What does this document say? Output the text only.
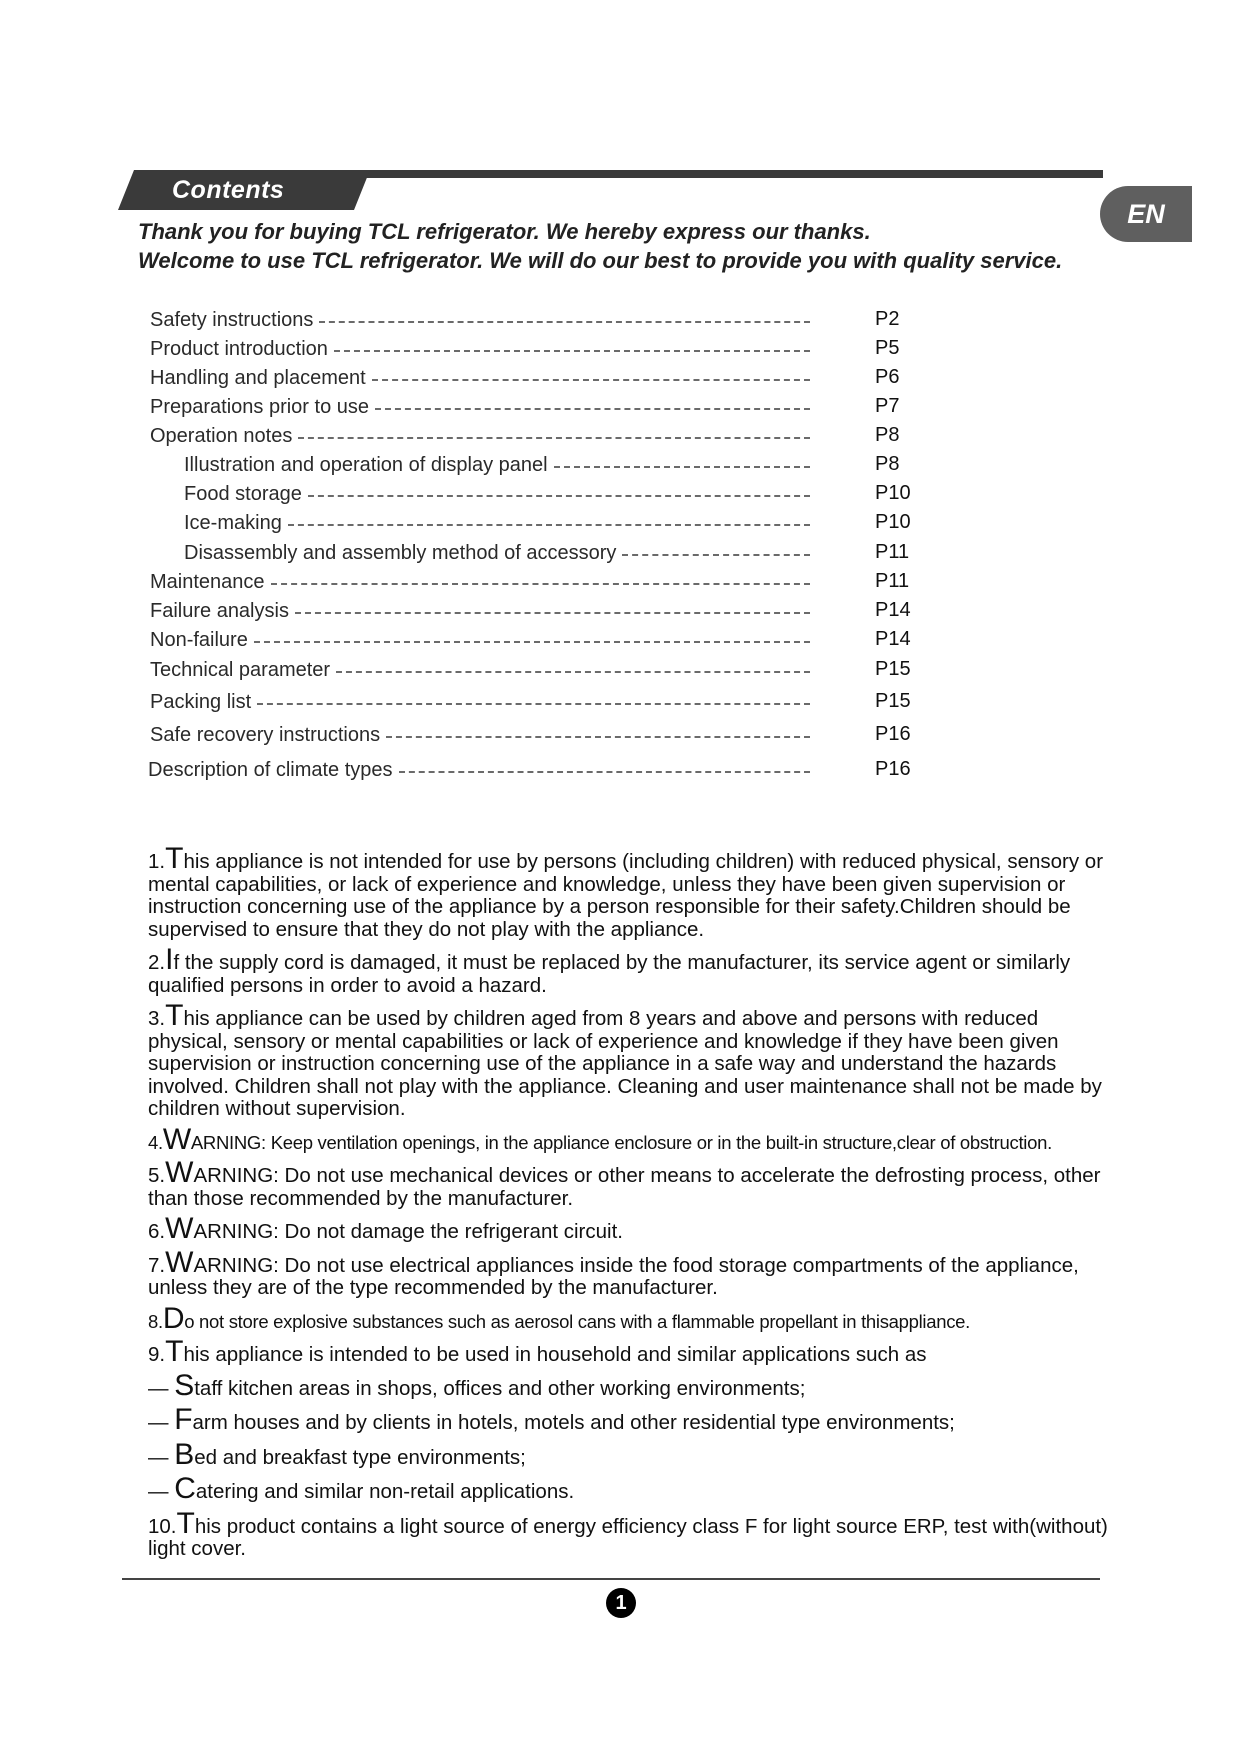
Contents
EN
Thank you for buying TCL refrigerator. We hereby express our thanks.
Welcome to use TCL refrigerator. We will do our best to provide you with quality service.
Safety instructions	P2
Product introduction	P5
Handling and placement	P6
Preparations prior to use	P7
Operation notes	P8
Illustration and operation of display panel	P8
Food storage	P10
Ice-making	P10
Disassembly and assembly method of accessory	P11
Maintenance	P11
Failure analysis	P14
Non-failure	P14
Technical parameter	P15
Packing list	P15
Safe recovery instructions	P16
Description of climate types	P16
1.This appliance is not intended for use by persons (including children) with reduced physical, sensory or mental capabilities, or lack of experience and knowledge, unless they have been given supervision or instruction concerning use of the appliance by a person responsible for their safety.Children should be supervised to ensure that they do not play with the appliance.
2.If the supply cord is damaged, it must be replaced by the manufacturer, its service agent or similarly qualified persons in order to avoid a hazard.
3.This appliance can be used by children aged from 8 years and above and persons with reduced physical, sensory or mental capabilities or lack of experience and knowledge if they have been given supervision or instruction concerning use of the appliance in a safe way and understand the hazards involved. Children shall not play with the appliance. Cleaning and user maintenance shall not be made by children without supervision.
4.WARNING: Keep ventilation openings, in the appliance enclosure or in the built-in structure,clear of obstruction.
5.WARNING: Do not use mechanical devices or other means to accelerate the defrosting process, other than those recommended by the manufacturer.
6.WARNING: Do not damage the refrigerant circuit.
7.WARNING: Do not use electrical appliances inside the food storage compartments of the appliance, unless they are of the type recommended by the manufacturer.
8.Do not store explosive substances such as aerosol cans with a flammable propellant in thisappliance.
9.This appliance is intended to be used in household and similar applications such as
— Staff kitchen areas in shops, offices and other working environments;
— Farm houses and by clients in hotels, motels and other residential type environments;
— Bed and breakfast type environments;
— Catering and similar non-retail applications.
10.This product contains a light source of energy efficiency class F for light source ERP, test with(without) light cover.
1
